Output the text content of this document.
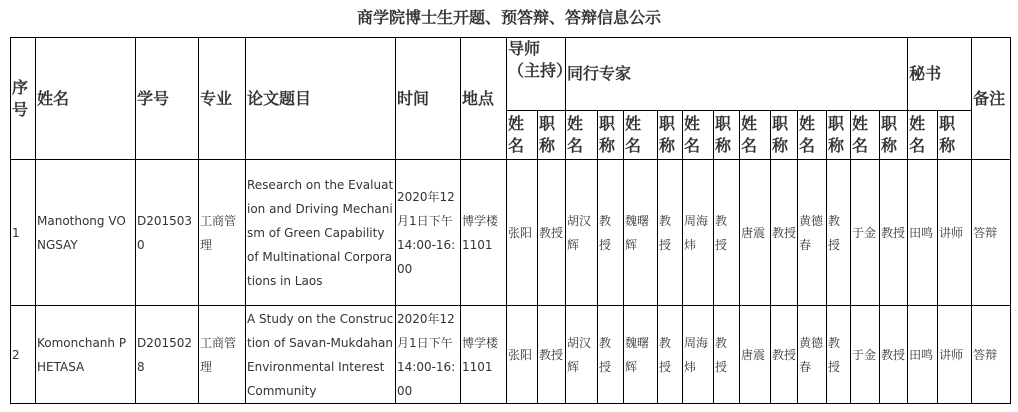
商学院博士生开题、预答辩、答辩信息公示
序号	姓名	学号	专业	论文题目	时间	地点	导师（主持）		同行专家												秘书		备注
							姓名	职称	姓名	职称	姓名	职称	姓名	职称	姓名	职称	姓名	职称	姓名	职称	姓名	职称	
1	Manothong VONGSAY	D2015030	工商管理	Research on the Evaluation and Driving Mechanism of Green Capability of Multinational Corporations in Laos	2020年12月1日下午14:00-16:00	博学楼1101	张阳	教授	胡汉辉	教授	魏曙辉	教授	周海炜	教授	唐震	教授	黄德春	教授	于金	教授	田鸣	讲师	答辩
2	Komonchanh PHETASA	D2015028	工商管理	A Study on the Construction of Savan-Mukdahan Environmental Interest Community	2020年12月1日下午14:00-16:00	博学楼1101	张阳	教授	胡汉辉	教授	魏曙辉	教授	周海炜	教授	唐震	教授	黄德春	教授	于金	教授	田鸣	讲师	答辩
